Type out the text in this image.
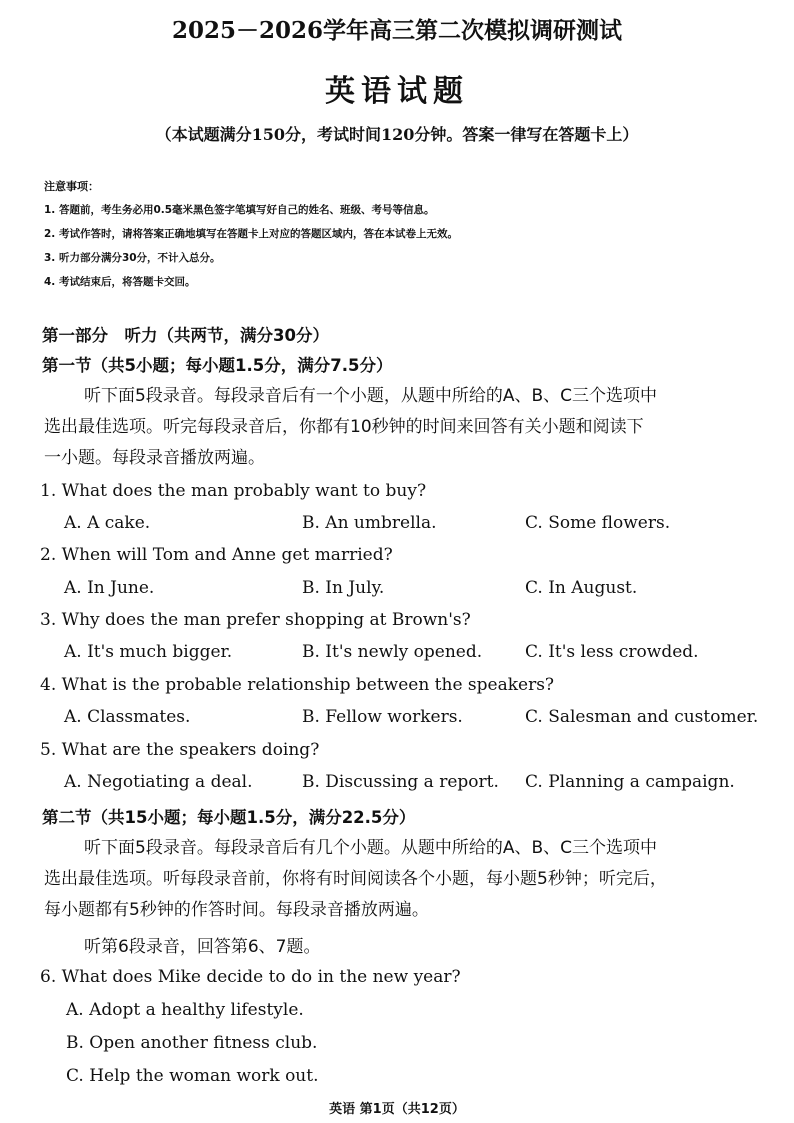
2025－2026学年高三第二次模拟调研测试
英语试题
（本试题满分150分，考试时间120分钟。答案一律写在答题卡上）
注意事项：
1. 答题前，考生务必用0.5毫米黑色签字笔填写好自己的姓名、班级、考号等信息。
2. 考试作答时，请将答案正确地填写在答题卡上对应的答题区域内，答在本试卷上无效。
3. 听力部分满分30分，不计入总分。
4. 考试结束后，将答题卡交回。
第一部分　听力（共两节，满分30分）
第一节（共5小题；每小题1.5分，满分7.5分）
听下面5段录音。每段录音后有一个小题，从题中所给的A、B、C三个选项中
选出最佳选项。听完每段录音后，你都有10秒钟的时间来回答有关小题和阅读下
一小题。每段录音播放两遍。
1. What does the man probably want to buy?
A. A cake.	B. An umbrella.	C. Some flowers.
2. When will Tom and Anne get married?
A. In June.	B. In July.	C. In August.
3. Why does the man prefer shopping at Brown's?
A. It's much bigger.	B. It's newly opened.	C. It's less crowded.
4. What is the probable relationship between the speakers?
A. Classmates.	B. Fellow workers.	C. Salesman and customer.
5. What are the speakers doing?
A. Negotiating a deal.	B. Discussing a report. C. Planning a campaign.
第二节（共15小题；每小题1.5分，满分22.5分）
听下面5段录音。每段录音后有几个小题。从题中所给的A、B、C三个选项中
选出最佳选项。听每段录音前，你将有时间阅读各个小题，每小题5秒钟；听完后，
每小题都有5秒钟的作答时间。每段录音播放两遍。
听第6段录音，回答第6、7题。
6. What does Mike decide to do in the new year?
A. Adopt a healthy lifestyle.
B. Open another fitness club.
C. Help the woman work out.
英语 第1页（共12页）
